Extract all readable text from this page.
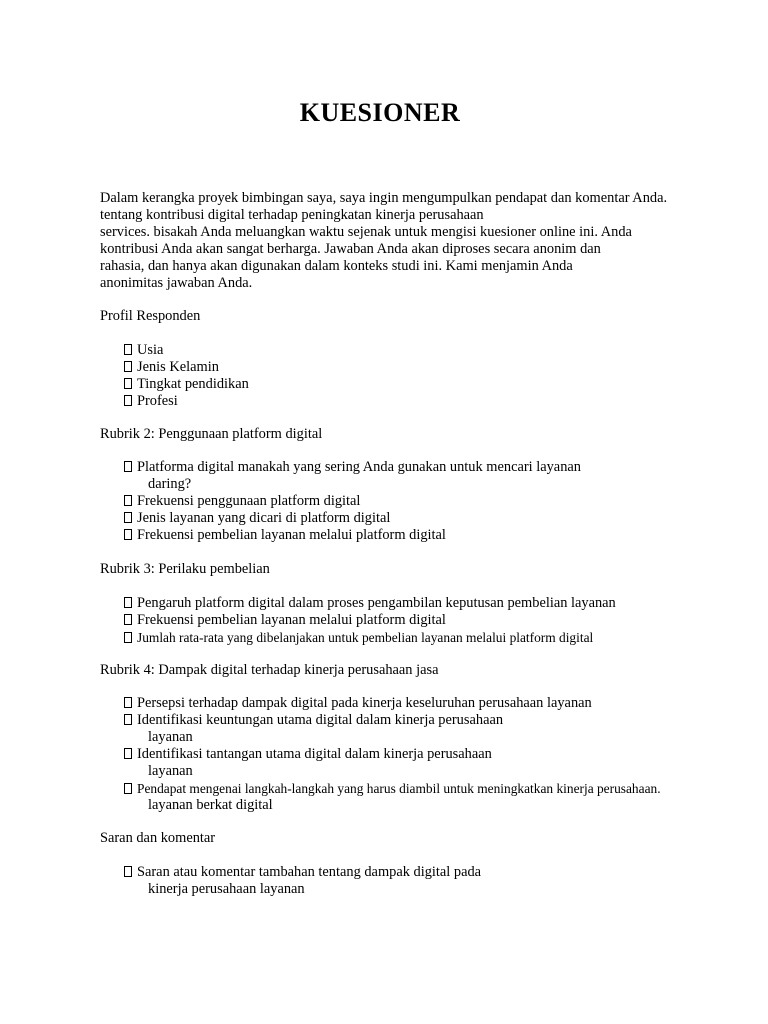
KUESIONER
Dalam kerangka proyek bimbingan saya, saya ingin mengumpulkan pendapat dan komentar Anda.
tentang kontribusi digital terhadap peningkatan kinerja perusahaan
services. bisakah Anda meluangkan waktu sejenak untuk mengisi kuesioner online ini. Anda
kontribusi Anda akan sangat berharga. Jawaban Anda akan diproses secara anonim dan
rahasia, dan hanya akan digunakan dalam konteks studi ini. Kami menjamin Anda
anonimitas jawaban Anda.
Profil Responden
Usia
Jenis Kelamin
Tingkat pendidikan
Profesi
Rubrik 2: Penggunaan platform digital
Platforma digital manakah yang sering Anda gunakan untuk mencari layanan
daring?
Frekuensi penggunaan platform digital
Jenis layanan yang dicari di platform digital
Frekuensi pembelian layanan melalui platform digital
Rubrik 3: Perilaku pembelian
Pengaruh platform digital dalam proses pengambilan keputusan pembelian layanan
Frekuensi pembelian layanan melalui platform digital
Jumlah rata-rata yang dibelanjakan untuk pembelian layanan melalui platform digital
Rubrik 4: Dampak digital terhadap kinerja perusahaan jasa
Persepsi terhadap dampak digital pada kinerja keseluruhan perusahaan layanan
Identifikasi keuntungan utama digital dalam kinerja perusahaan
layanan
Identifikasi tantangan utama digital dalam kinerja perusahaan
layanan
Pendapat mengenai langkah-langkah yang harus diambil untuk meningkatkan kinerja perusahaan.
layanan berkat digital
Saran dan komentar
Saran atau komentar tambahan tentang dampak digital pada
kinerja perusahaan layanan
